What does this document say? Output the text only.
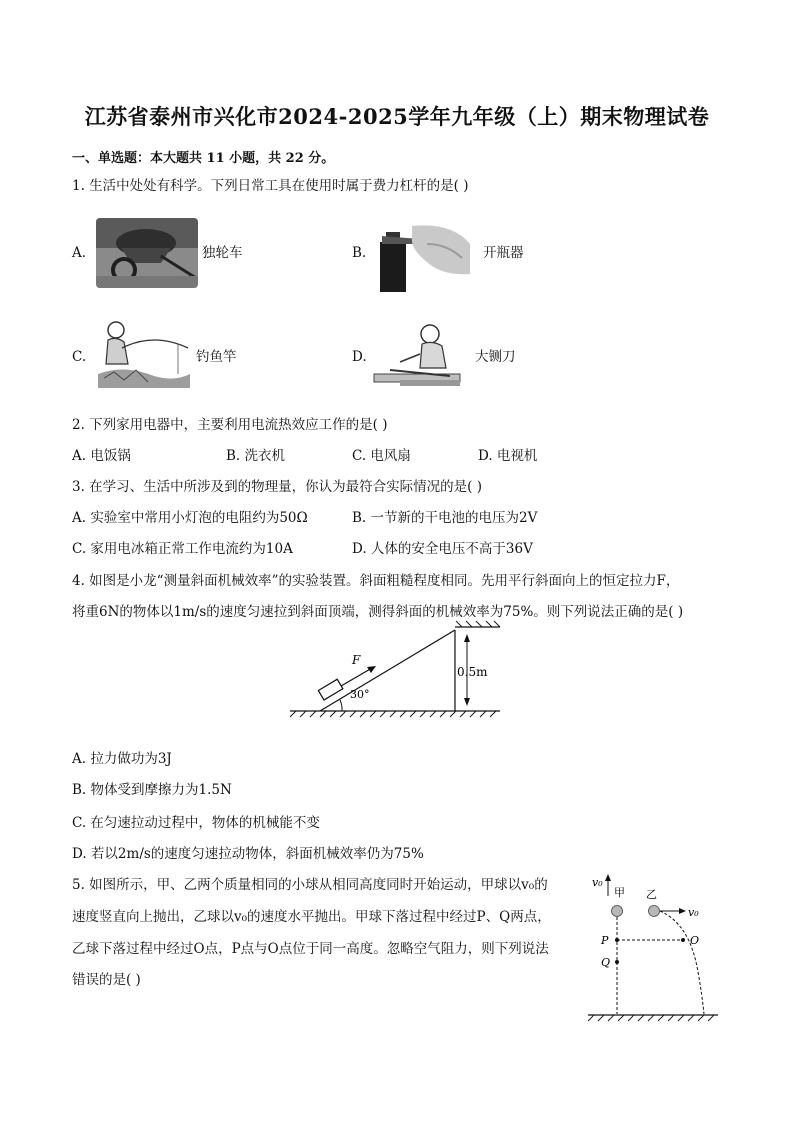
江苏省泰州市兴化市2024-2025学年九年级（上）期末物理试卷
一、单选题：本大题共 11 小题，共 22 分。
1. 生活中处处有科学。下列日常工具在使用时属于费力杠杆的是( )
A.	独轮车	B.	开瓶器
C.	钓鱼竿	D.	大铡刀
2. 下列家用电器中，主要利用电流热效应工作的是( )
A. 电饭锅	B. 洗衣机	C. 电风扇	D. 电视机
3. 在学习、生活中所涉及到的物理量，你认为最符合实际情况的是( )
A. 实验室中常用小灯泡的电阻约为50Ω	B. 一节新的干电池的电压为2V
C. 家用电冰箱正常工作电流约为10A	D. 人体的安全电压不高于36V
4. 如图是小龙“测量斜面机械效率”的实验装置。斜面粗糙程度相同。先用平行斜面向上的恒定拉力F，
将重6N的物体以1m/s的速度匀速拉到斜面顶端，测得斜面的机械效率为75%。则下列说法正确的是( )
F
30°
0.5m
A. 拉力做功为3J
B. 物体受到摩擦力为1.5N
C. 在匀速拉动过程中，物体的机械能不变
D. 若以2m/s的速度匀速拉动物体，斜面机械效率仍为75%
5. 如图所示，甲、乙两个质量相同的小球从相同高度同时开始运动，甲球以v₀的
速度竖直向上抛出，乙球以v₀的速度水平抛出。甲球下落过程中经过P、Q两点，
乙球下落过程中经过O点，P点与O点位于同一高度。忽略空气阻力，则下列说法
错误的是( )
v₀
甲 乙
v₀
P
Q
O
